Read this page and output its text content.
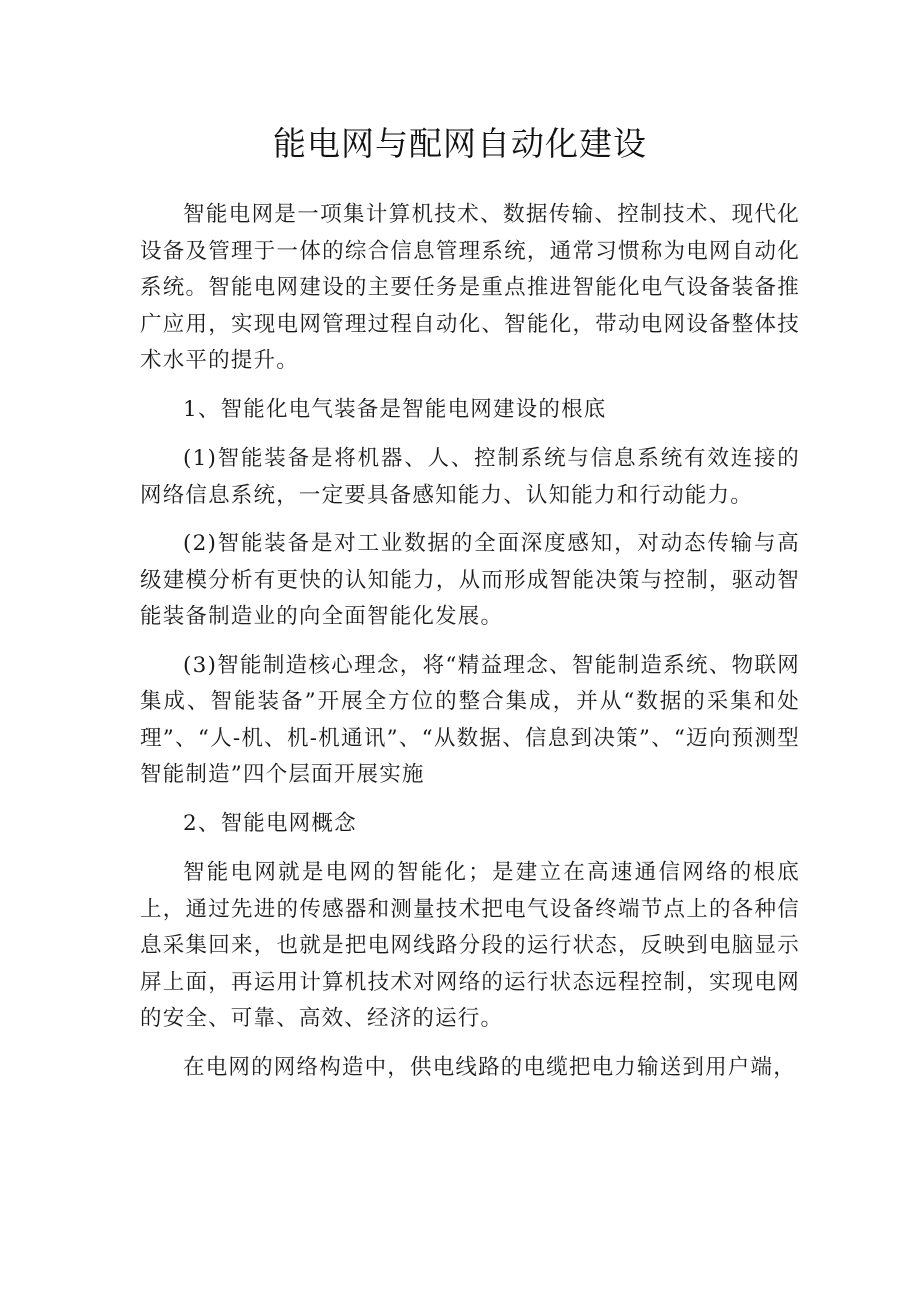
能电网与配网自动化建设

智能电网是一项集计算机技术、数据传输、控制技术、现代化设备及管理于一体的综合信息管理系统，通常习惯称为电网自动化系统。智能电网建设的主要任务是重点推进智能化电气设备装备推广应用，实现电网管理过程自动化、智能化，带动电网设备整体技术水平的提升。

1、智能化电气装备是智能电网建设的根底

(1)智能装备是将机器、人、控制系统与信息系统有效连接的网络信息系统，一定要具备感知能力、认知能力和行动能力。

(2)智能装备是对工业数据的全面深度感知，对动态传输与高级建模分析有更快的认知能力，从而形成智能决策与控制，驱动智能装备制造业的向全面智能化发展。

(3)智能制造核心理念，将“精益理念、智能制造系统、物联网集成、智能装备”开展全方位的整合集成，并从“数据的采集和处理”、“人-机、机-机通讯”、“从数据、信息到决策”、“迈向预测型智能制造”四个层面开展实施

2、智能电网概念

智能电网就是电网的智能化；是建立在高速通信网络的根底上，通过先进的传感器和测量技术把电气设备终端节点上的各种信息采集回来，也就是把电网线路分段的运行状态，反映到电脑显示屏上面，再运用计算机技术对网络的运行状态远程控制，实现电网的安全、可靠、高效、经济的运行。

在电网的网络构造中，供电线路的电缆把电力输送到用户端，
